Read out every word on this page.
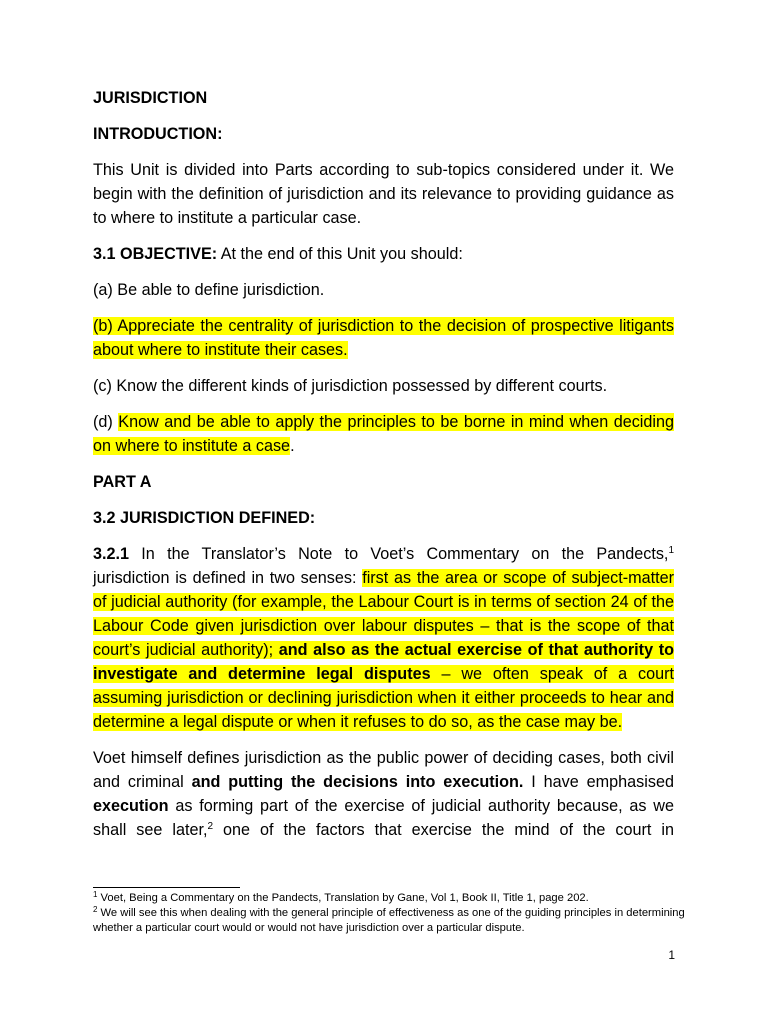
JURISDICTION

INTRODUCTION:

This Unit is divided into Parts according to sub-topics considered under it. We begin with the definition of jurisdiction and its relevance to providing guidance as to where to institute a particular case.

3.1 OBJECTIVE: At the end of this Unit you should:

(a) Be able to define jurisdiction.

(b) Appreciate the centrality of jurisdiction to the decision of prospective litigants about where to institute their cases.

(c) Know the different kinds of jurisdiction possessed by different courts.

(d) Know and be able to apply the principles to be borne in mind when deciding on where to institute a case.

PART A

3.2 JURISDICTION DEFINED:

3.2.1 In the Translator’s Note to Voet’s Commentary on the Pandects,$^1$ jurisdiction is defined in two senses: first as the area or scope of subject-matter of judicial authority (for example, the Labour Court is in terms of section 24 of the Labour Code given jurisdiction over labour disputes – that is the scope of that court’s judicial authority); and also as the actual exercise of that authority to investigate and determine legal disputes – we often speak of a court assuming jurisdiction or declining jurisdiction when it either proceeds to hear and determine a legal dispute or when it refuses to do so, as the case may be.

Voet himself defines jurisdiction as the public power of deciding cases, both civil and criminal and putting the decisions into execution. I have emphasised execution as forming part of the exercise of judicial authority because, as we shall see later,$^2$ one of the factors that exercise the mind of the court in

$^1$ Voet, Being a Commentary on the Pandects, Translation by Gane, Vol 1, Book II, Title 1, page 202.

$^2$ We will see this when dealing with the general principle of effectiveness as one of the guiding principles in determining whether a particular court would or would not have jurisdiction over a particular dispute.

1
